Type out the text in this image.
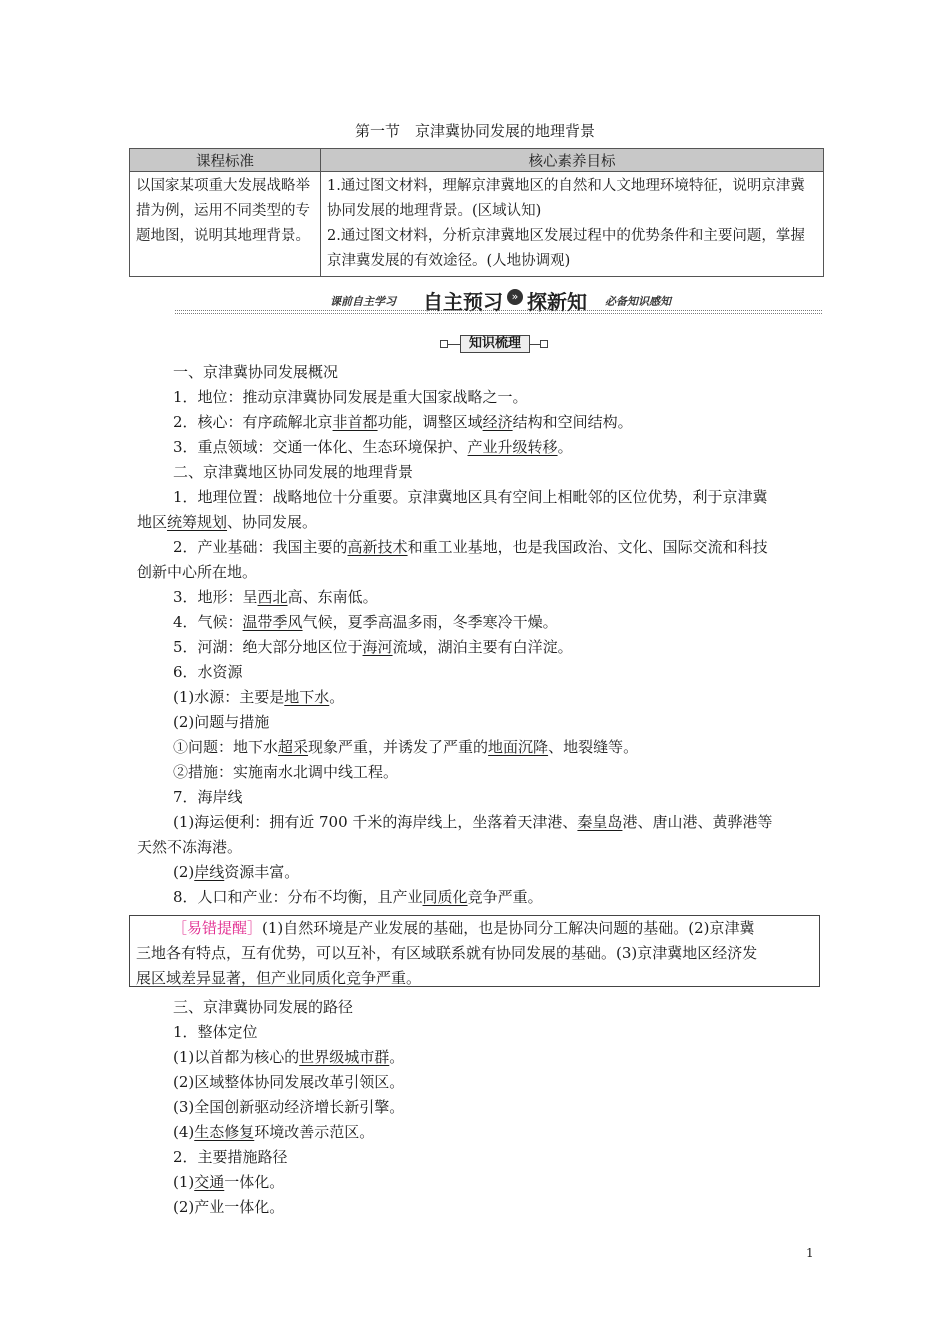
第一节　京津冀协同发展的地理背景
课程标准	核心素养目标
以国家某项重大发展战略举措为例，运用不同类型的专题地图，说明其地理背景。	1.通过图文材料，理解京津冀地区的自然和人文地理环境特征，说明京津冀协同发展的地理背景。(区域认知)
2.通过图文材料，分析京津冀地区发展过程中的优势条件和主要问题，掌握京津冀发展的有效途径。(人地协调观)
课前自主学习 自主预习 » 探新知 必备知识感知
知识梳理
一、京津冀协同发展概况
1．地位：推动京津冀协同发展是重大国家战略之一。
2．核心：有序疏解北京非首都功能，调整区域经济结构和空间结构。
3．重点领域：交通一体化、生态环境保护、产业升级转移。
二、京津冀地区协同发展的地理背景
1．地理位置：战略地位十分重要。京津冀地区具有空间上相毗邻的区位优势，利于京津冀
地区统筹规划、协同发展。
2．产业基础：我国主要的高新技术和重工业基地，也是我国政治、文化、国际交流和科技
创新中心所在地。
3．地形：呈西北高、东南低。
4．气候：温带季风气候，夏季高温多雨，冬季寒冷干燥。
5．河湖：绝大部分地区位于海河流域，湖泊主要有白洋淀。
6．水资源
(1)水源：主要是地下水。
(2)问题与措施
①问题：地下水超采现象严重，并诱发了严重的地面沉降、地裂缝等。
②措施：实施南水北调中线工程。
7．海岸线
(1)海运便利：拥有近 700 千米的海岸线上，坐落着天津港、秦皇岛港、唐山港、黄骅港等
天然不冻海港。
(2)岸线资源丰富。
8．人口和产业：分布不均衡，且产业同质化竞争严重。
［易错提醒］(1)自然环境是产业发展的基础，也是协同分工解决问题的基础。(2)京津冀
三地各有特点，互有优势，可以互补，有区域联系就有协同发展的基础。(3)京津冀地区经济发
展区域差异显著，但产业同质化竞争严重。
三、京津冀协同发展的路径
1．整体定位
(1)以首都为核心的世界级城市群。
(2)区域整体协同发展改革引领区。
(3)全国创新驱动经济增长新引擎。
(4)生态修复环境改善示范区。
2．主要措施路径
(1)交通一体化。
(2)产业一体化。
1
